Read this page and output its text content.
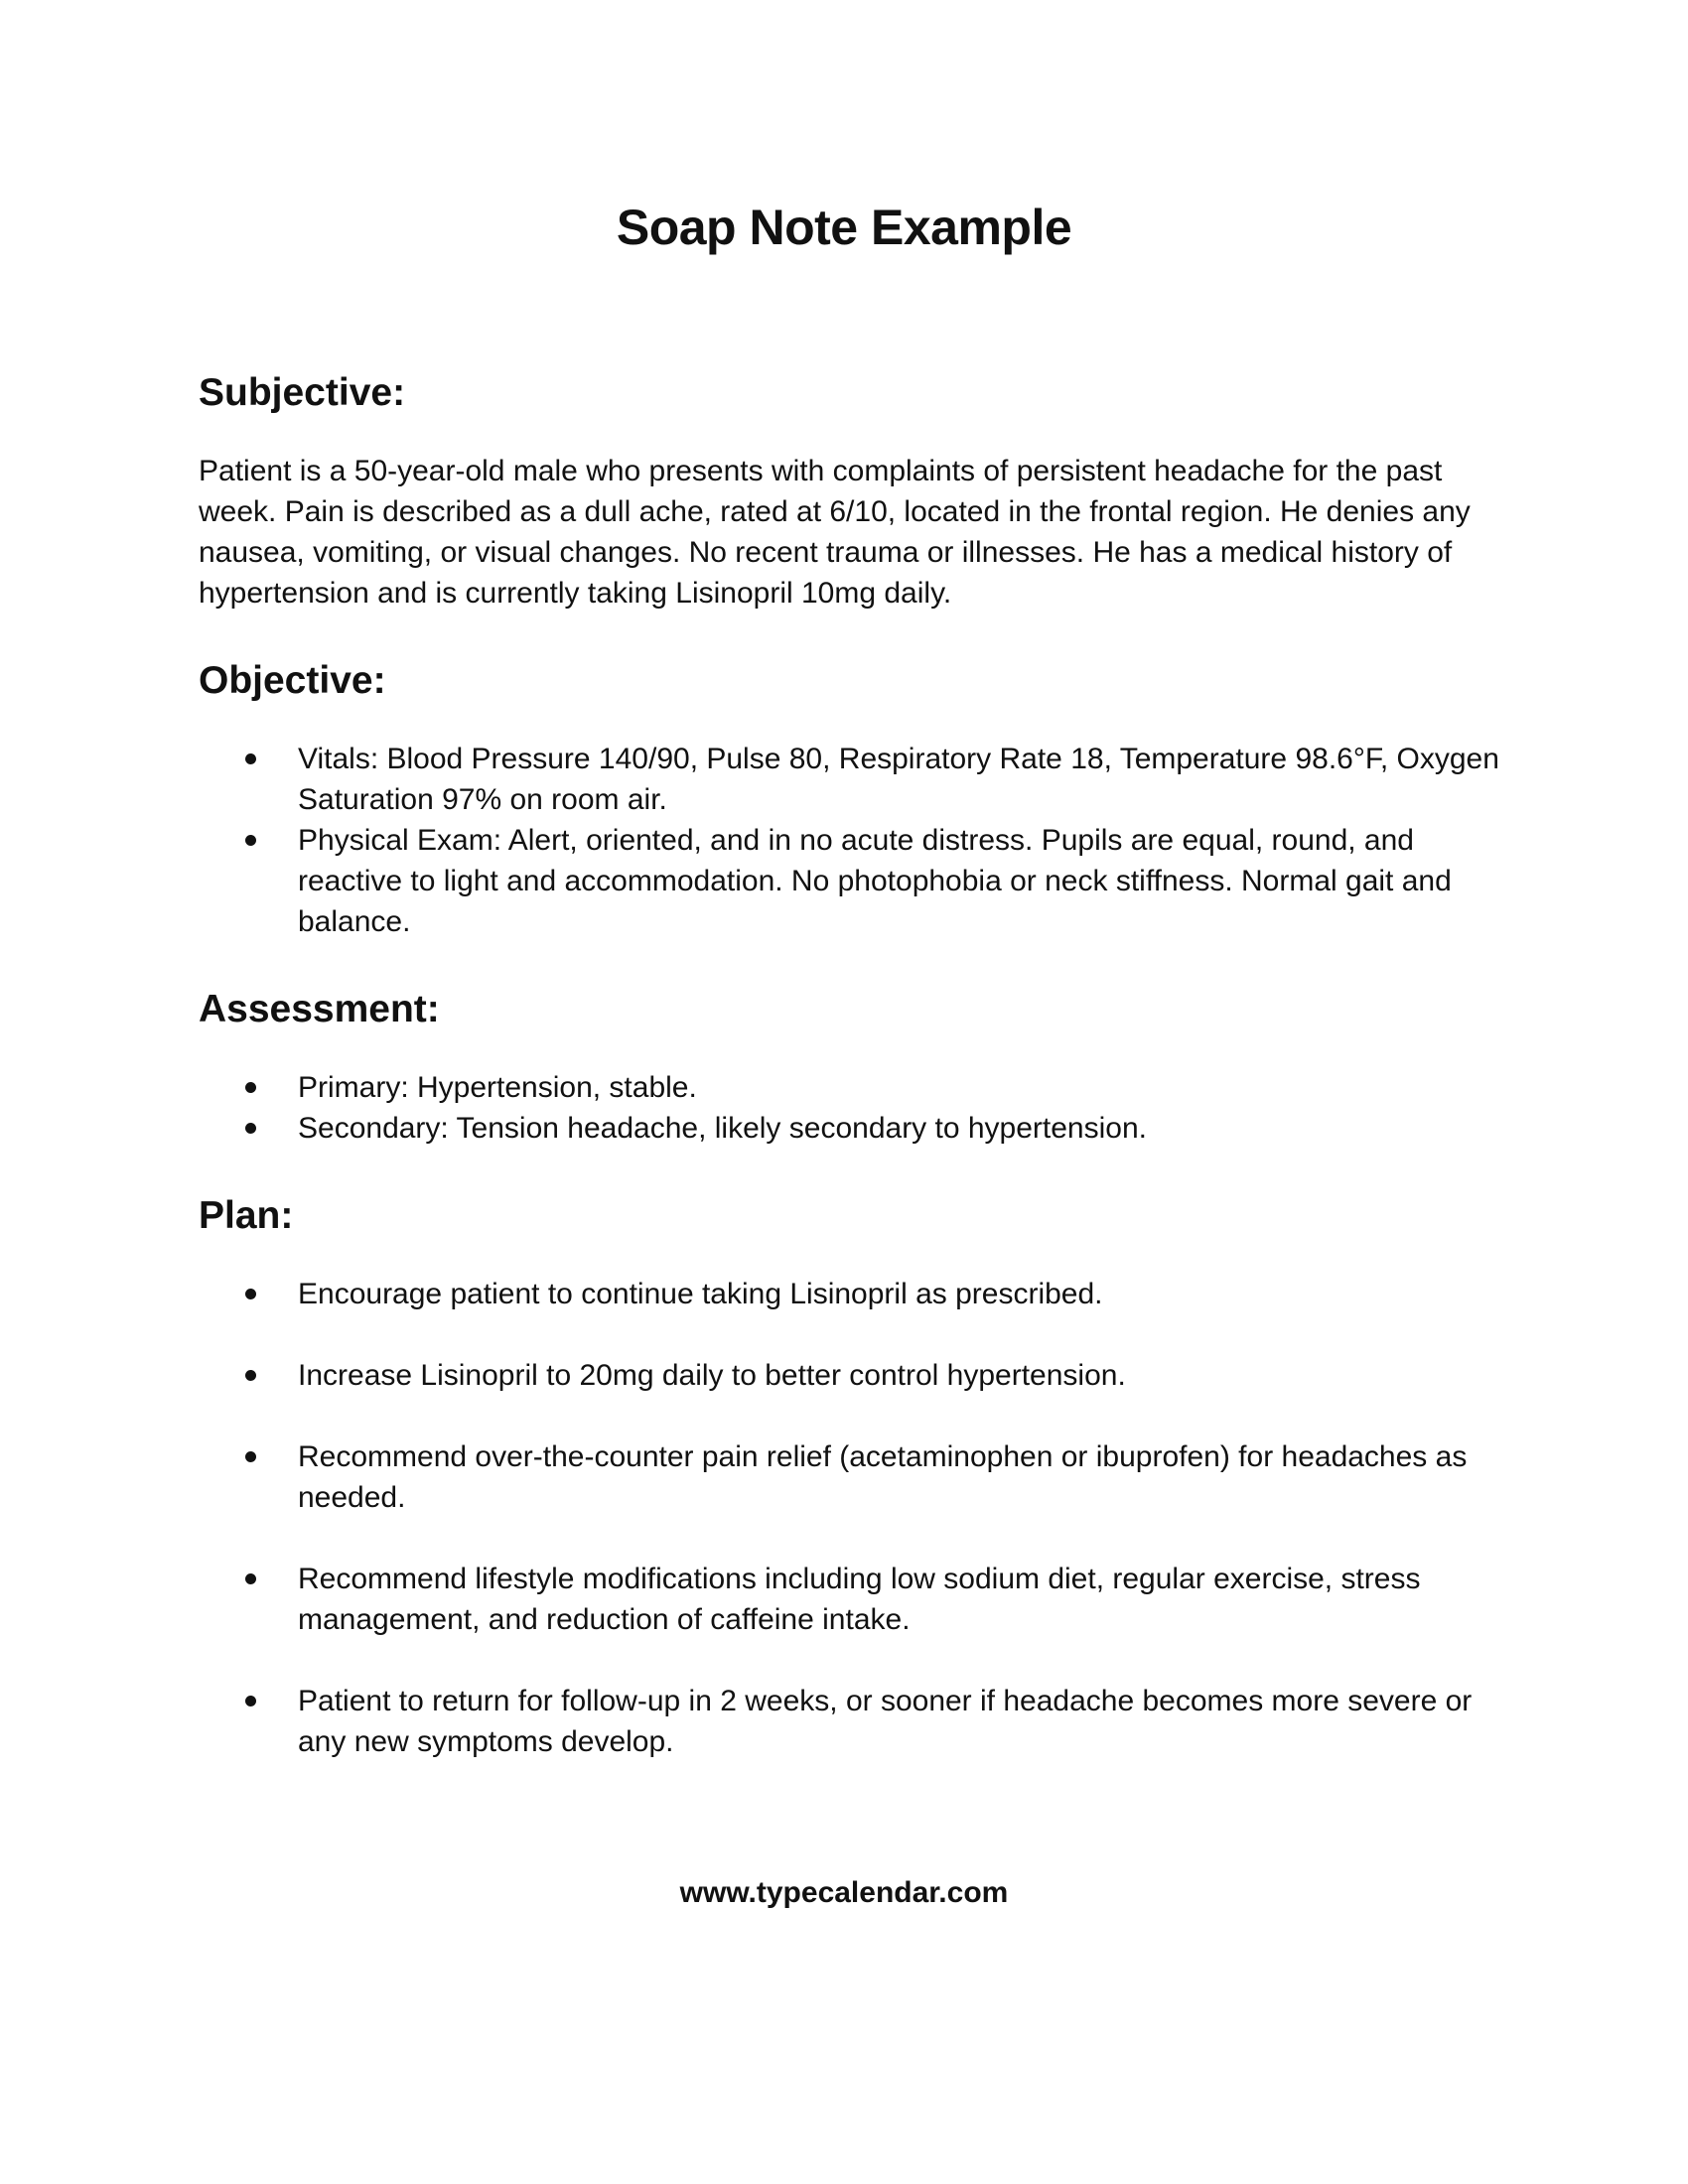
Soap Note Example
Subjective:

Patient is a 50-year-old male who presents with complaints of persistent headache for the past week. Pain is described as a dull ache, rated at 6/10, located in the frontal region. He denies any nausea, vomiting, or visual changes. No recent trauma or illnesses. He has a medical history of hypertension and is currently taking Lisinopril 10mg daily.

Objective:
Vitals: Blood Pressure 140/90, Pulse 80, Respiratory Rate 18, Temperature 98.6°F, Oxygen Saturation 97% on room air.
Physical Exam: Alert, oriented, and in no acute distress. Pupils are equal, round, and reactive to light and accommodation. No photophobia or neck stiffness. Normal gait and balance.
Assessment:
Primary: Hypertension, stable.
Secondary: Tension headache, likely secondary to hypertension.
Plan:
Encourage patient to continue taking Lisinopril as prescribed.
Increase Lisinopril to 20mg daily to better control hypertension.
Recommend over-the-counter pain relief (acetaminophen or ibuprofen) for headaches as needed.
Recommend lifestyle modifications including low sodium diet, regular exercise, stress management, and reduction of caffeine intake.
Patient to return for follow-up in 2 weeks, or sooner if headache becomes more severe or any new symptoms develop.
www.typecalendar.com
